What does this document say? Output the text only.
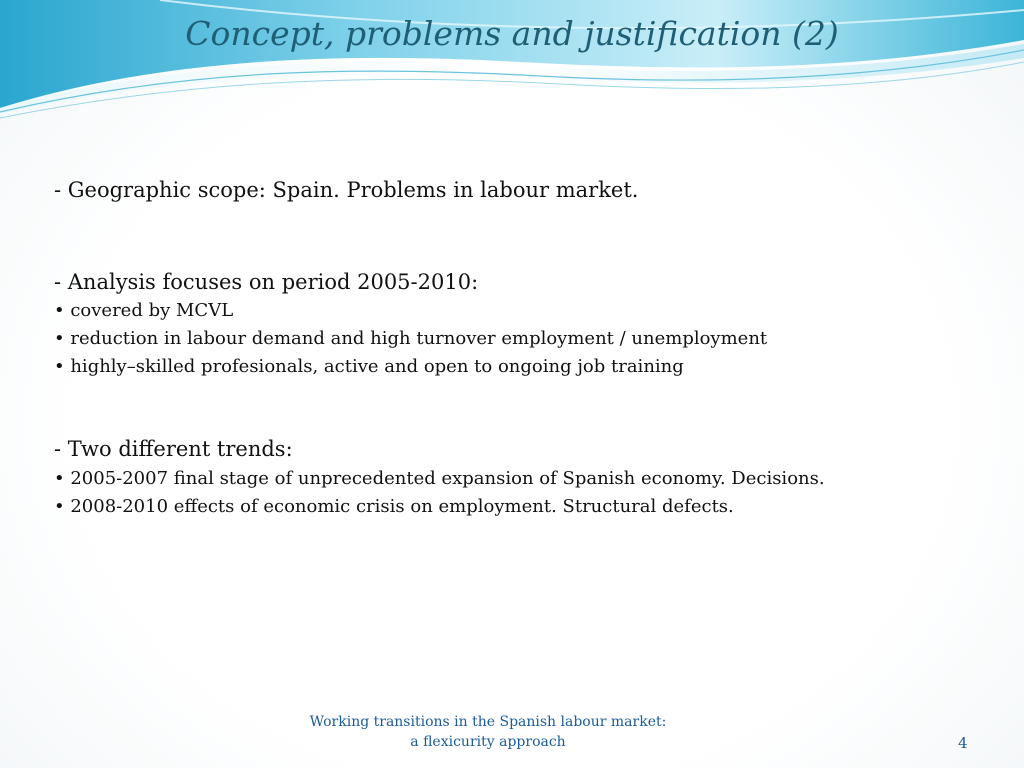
Concept, problems and justification (2)
- Geographic scope: Spain. Problems in labour market.
- Analysis focuses on period 2005-2010:
• covered by MCVL
• reduction in labour demand and high turnover employment / unemployment
• highly–skilled profesionals, active and open to ongoing job training
- Two different trends:
• 2005-2007 final stage of unprecedented expansion of Spanish economy. Decisions.
• 2008-2010 effects of economic crisis on employment. Structural defects.
Working transitions in the Spanish labour market:
a flexicurity approach	4
